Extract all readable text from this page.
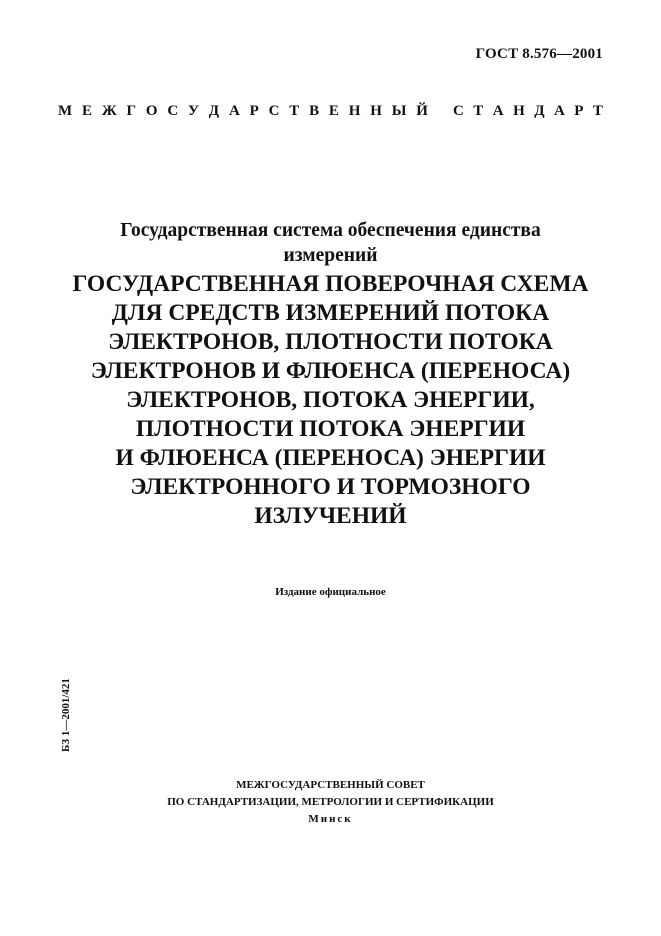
ГОСТ 8.576—2001
М Е Ж Г О С У Д А Р С Т В Е Н Н Ы Й С Т А Н Д А Р Т
Государственная система обеспечения единства
измерений
ГОСУДАРСТВЕННАЯ ПОВЕРОЧНАЯ СХЕМА
ДЛЯ СРЕДСТВ ИЗМЕРЕНИЙ ПОТОКА
ЭЛЕКТРОНОВ, ПЛОТНОСТИ ПОТОКА
ЭЛЕКТРОНОВ И ФЛЮЕНСА (ПЕРЕНОСА)
ЭЛЕКТРОНОВ, ПОТОКА ЭНЕРГИИ,
ПЛОТНОСТИ ПОТОКА ЭНЕРГИИ
И ФЛЮЕНСА (ПЕРЕНОСА) ЭНЕРГИИ
ЭЛЕКТРОННОГО И ТОРМОЗНОГО
ИЗЛУЧЕНИЙ
Издание официальное
БЗ 1—2001/421
МЕЖГОСУДАРСТВЕННЫЙ СОВЕТ
ПО СТАНДАРТИЗАЦИИ, МЕТРОЛОГИИ И СЕРТИФИКАЦИИ
Минск
